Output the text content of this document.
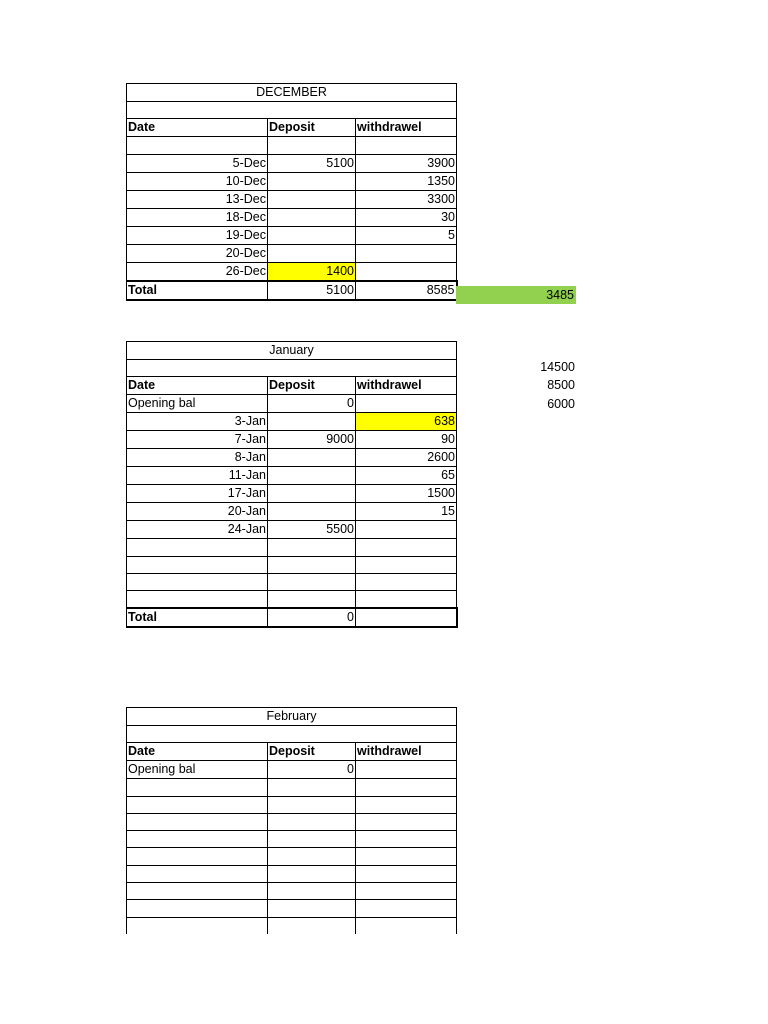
DECEMBER		

Date	Deposit	withdrawel

5-Dec	5100	3900
10-Dec		1350
13-Dec		3300
18-Dec		30
19-Dec		5
20-Dec		
26-Dec	1400	
Total	5100	8585	3485
January		

Date	Deposit	withdrawel
Opening bal	0	
3-Jan		638
7-Jan	9000	90
8-Jan		2600
11-Jan		65
17-Jan		1500
20-Jan		15
24-Jan	5500	

Total	0	
14500
8500
6000
February		

Date	Deposit	withdrawel
Opening bal	0	
